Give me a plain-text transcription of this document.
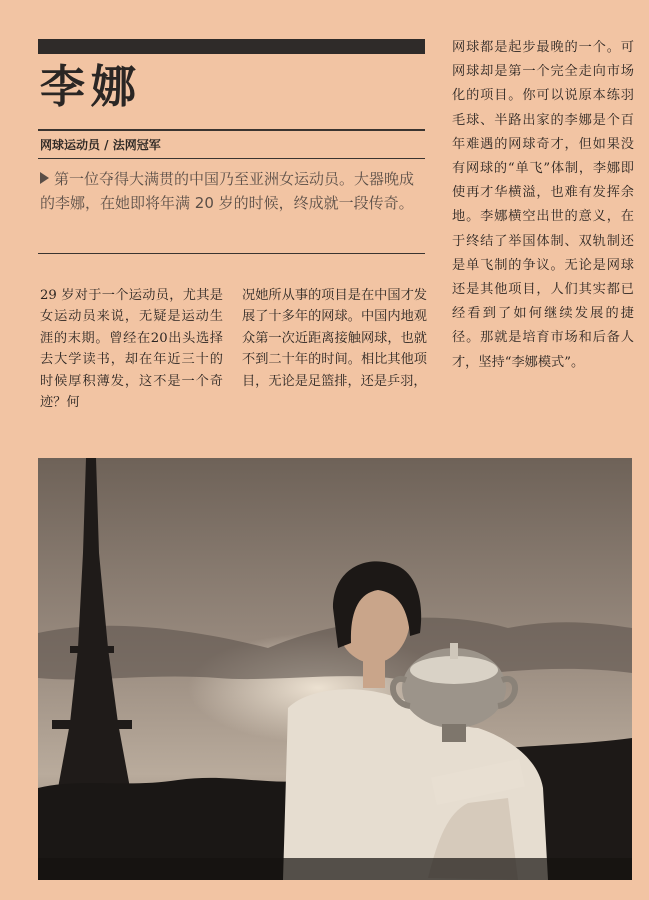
李娜
网球运动员 / 法网冠军
第一位夺得大满贯的中国乃至亚洲女运动员。大器晚成的李娜，在她即将年满 20 岁的时候，终成就一段传奇。
29 岁对于一个运动员，尤其是女运动员来说，无疑是运动生涯的末期。曾经在20出头选择去大学读书，却在年近三十的时候厚积薄发，这不是一个奇迹？何
况她所从事的项目是在中国才发展了十多年的网球。中国内地观众第一次近距离接触网球，也就不到二十年的时间。相比其他项目，无论是足篮排，还是乒羽，
网球都是起步最晚的一个。可网球却是第一个完全走向市场化的项目。你可以说原本练羽毛球、半路出家的李娜是个百年难遇的网球奇才，但如果没有网球的“单飞”体制，李娜即使再才华横溢，也难有发挥余地。李娜横空出世的意义，在于终结了举国体制、双轨制还是单飞制的争议。无论是网球还是其他项目，人们其实都已经看到了如何继续发展的捷径。那就是培育市场和后备人才，坚持“李娜模式”。
